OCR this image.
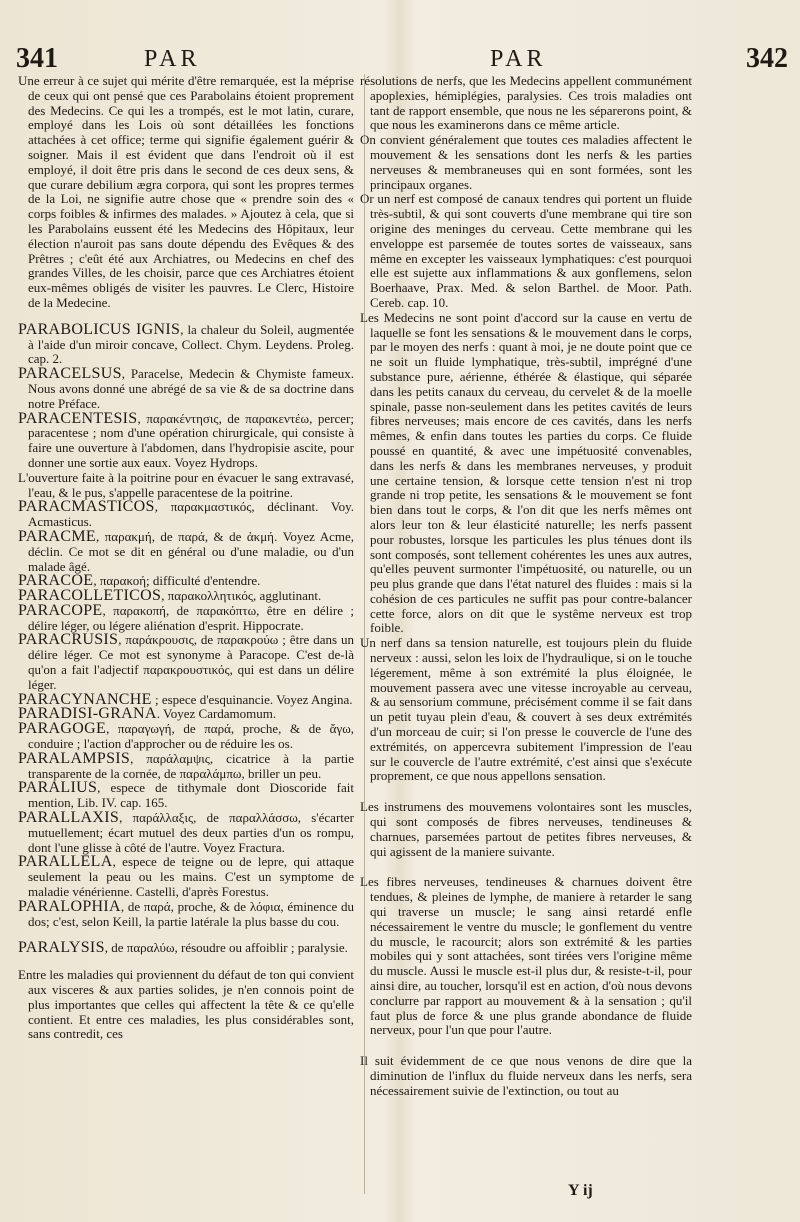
341	PAR	PAR	342

Une erreur à ce sujet qui mérite d'être remarquée, est la méprise de ceux qui ont pensé que ces Parabolains étoient proprement des Medecins. Ce qui les a trompés, est le mot latin, curare, employé dans les Lois où sont détaillées les fonctions attachées à cet office; terme qui signifie également guérir & soigner. Mais il est évident que dans l'endroit où il est employé, il doit être pris dans le second de ces deux sens, & que curare debilium ægra corpora, qui sont les propres termes de la Loi, ne signifie autre chose que « prendre soin des « corps foibles & infirmes des malades. » Ajoutez à cela, que si les Parabolains eussent été les Medecins des Hôpitaux, leur élection n'auroit pas sans doute dépendu des Evêques & des Prêtres ; c'eût été aux Archiatres, ou Medecins en chef des grandes Villes, de les choisir, parce que ces Archiatres étoient eux-mêmes obligés de visiter les pauvres. Le Clerc, Histoire de la Medecine.

PARABOLICUS IGNIS, la chaleur du Soleil, augmentée à l'aide d'un miroir concave, Collect. Chym. Leydens. Proleg. cap. 2.

PARACELSUS, Paracelse, Medecin & Chymiste fameux. Nous avons donné une abrégé de sa vie & de sa doctrine dans notre Préface.

PARACENTESIS, παρακέντησις, de παρακεντέω, percer; paracentese ; nom d'une opération chirurgicale, qui consiste à faire une ouverture à l'abdomen, dans l'hydropisie ascite, pour donner une sortie aux eaux. Voyez Hydrops.

L'ouverture faite à la poitrine pour en évacuer le sang extravasé, l'eau, & le pus, s'appelle paracentese de la poitrine.

PARACMASTICOS, παρακμαστικός, déclinant. Voy. Acmasticus.

PARACME, παρακμή, de παρά, & de ἀκμή. Voyez Acme, déclin. Ce mot se dit en général ou d'une maladie, ou d'un malade âgé.

PARACOE, παρακοή; difficulté d'entendre.

PARACOLLETICOS, παρακολλητικός, agglutinant.

PARACOPE, παρακοπή, de παρακόπτω, être en délire ; délire léger, ou légere aliénation d'esprit. Hippocrate.

PARACRUSIS, παράκρουσις, de παρακρούω ; être dans un délire léger. Ce mot est synonyme à Paracope. C'est de-là qu'on a fait l'adjectif παρακρουστικός, qui est dans un délire léger.

PARACYNANCHE ; espece d'esquinancie. Voyez Angina.

PARADISI-GRANA. Voyez Cardamomum.

PARAGOGE, παραγωγή, de παρά, proche, & de ἄγω, conduire ; l'action d'approcher ou de réduire les os.

PARALAMPSIS, παράλαμψις, cicatrice à la partie transparente de la cornée, de παραλάμπω, briller un peu.

PARALIUS, espece de tithymale dont Dioscoride fait mention, Lib. IV. cap. 165.

PARALLAXIS, παράλλαξις, de παραλλάσσω, s'écarter mutuellement; écart mutuel des deux parties d'un os rompu, dont l'une glisse à côté de l'autre. Voyez Fractura.

PARALLELA, espece de teigne ou de lepre, qui attaque seulement la peau ou les mains. C'est un symptome de maladie vénérienne. Castelli, d'après Forestus.

PARALOPHIA, de παρά, proche, & de λόφια, éminence du dos; c'est, selon Keill, la partie latérale la plus basse du cou.

PARALYSIS, de παραλύω, résoudre ou affoiblir ; paralysie.

Entre les maladies qui proviennent du défaut de ton qui convient aux visceres & aux parties solides, je n'en connois point de plus importantes que celles qui affectent la tête & ce qu'elle contient. Et entre ces maladies, les plus considérables sont, sans contredit, ces

résolutions de nerfs, que les Medecins appellent communément apoplexies, hémiplégies, paralysies. Ces trois maladies ont tant de rapport ensemble, que nous ne les séparerons point, & que nous les examinerons dans ce même article.

On convient généralement que toutes ces maladies affectent le mouvement & les sensations dont les nerfs & les parties nerveuses & membraneuses qui en sont formées, sont les principaux organes.

Or un nerf est composé de canaux tendres qui portent un fluide très-subtil, & qui sont couverts d'une membrane qui tire son origine des meninges du cerveau. Cette membrane qui les enveloppe est parsemée de toutes sortes de vaisseaux, sans même en excepter les vaisseaux lymphatiques: c'est pourquoi elle est sujette aux inflammations & aux gonflemens, selon Boerhaave, Prax. Med. & selon Barthel. de Moor. Path. Cereb. cap. 10.

Les Medecins ne sont point d'accord sur la cause en vertu de laquelle se font les sensations & le mouvement dans le corps, par le moyen des nerfs : quant à moi, je ne doute point que ce ne soit un fluide lymphatique, très-subtil, imprégné d'une substance pure, aérienne, éthérée & élastique, qui séparée dans les petits canaux du cerveau, du cervelet & de la moelle spinale, passe non-seulement dans les petites cavités de leurs fibres nerveuses; mais encore de ces cavités, dans les nerfs mêmes, & enfin dans toutes les parties du corps. Ce fluide poussé en quantité, & avec une impétuosité convenables, dans les nerfs & dans les membranes nerveuses, y produit une certaine tension, & lorsque cette tension n'est ni trop grande ni trop petite, les sensations & le mouvement se font bien dans tout le corps, & l'on dit que les nerfs mêmes ont alors leur ton & leur élasticité naturelle; les nerfs passent pour robustes, lorsque les particules les plus ténues dont ils sont composés, sont tellement cohérentes les unes aux autres, qu'elles peuvent surmonter l'impétuosité, ou naturelle, ou un peu plus grande que dans l'état naturel des fluides : mais si la cohésion de ces particules ne suffit pas pour contre-balancer cette force, alors on dit que le systême nerveux est trop foible.

Un nerf dans sa tension naturelle, est toujours plein du fluide nerveux : aussi, selon les loix de l'hydraulique, si on le touche légerement, même à son extrémité la plus éloignée, le mouvement passera avec une vitesse incroyable au cerveau, & au sensorium commune, précisément comme il se fait dans un petit tuyau plein d'eau, & couvert à ses deux extrémités d'un morceau de cuir; si l'on presse le couvercle de l'une des extrémités, on appercevra subitement l'impression de l'eau sur le couvercle de l'autre extrémité, c'est ainsi que s'exécute proprement, ce que nous appellons sensation.

Les instrumens des mouvemens volontaires sont les muscles, qui sont composés de fibres nerveuses, tendineuses & charnues, parsemées partout de petites fibres nerveuses, & qui agissent de la maniere suivante.

Les fibres nerveuses, tendineuses & charnues doivent être tendues, & pleines de lymphe, de maniere à retarder le sang qui traverse un muscle; le sang ainsi retardé enfle nécessairement le ventre du muscle; le gonflement du ventre du muscle, le racourcit; alors son extrémité & les parties mobiles qui y sont attachées, sont tirées vers l'origine même du muscle. Aussi le muscle est-il plus dur, & resiste-t-il, pour ainsi dire, au toucher, lorsqu'il est en action, d'où nous devons conclurre par rapport au mouvement & à la sensation ; qu'il faut plus de force & une plus grande abondance de fluide nerveux, pour l'un que pour l'autre.

Il suit évidemment de ce que nous venons de dire que la diminution de l'influx du fluide nerveux dans les nerfs, sera nécessairement suivie de l'extinction, ou tout au

Y ij
